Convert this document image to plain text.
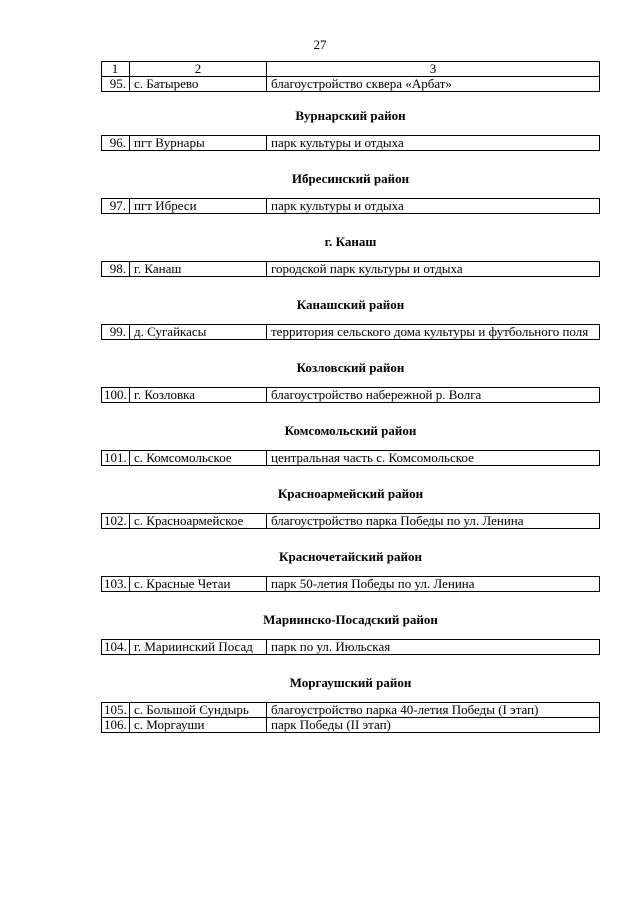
27
1	2	3
95.	с. Батырево	благоустройство сквера «Арбат»
Вурнарский район
96.	пгт Вурнары	парк культуры и отдыха
Ибресинский район
97.	пгт Ибреси	парк культуры и отдыха
г. Канаш
98.	г. Канаш	городской парк культуры и отдыха
Канашский район
99.	д. Сугайкасы	территория сельского дома культуры и футбольного поля
Козловский район
100.	г. Козловка	благоустройство набережной р. Волга
Комсомольский район
101.	с. Комсомольское	центральная часть с. Комсомольское
Красноармейский район
102.	с. Красноармейское	благоустройство парка Победы по ул. Ленина
Красночетайский район
103.	с. Красные Четаи	парк 50-летия Победы по ул. Ленина
Мариинско-Посадский район
104.	г. Мариинский Посад	парк по ул. Июльская
Моргаушский район
105.	с. Большой Сундырь	благоустройство парка 40-летия Победы (I этап)
106.	с. Моргауши	парк Победы (II этап)
